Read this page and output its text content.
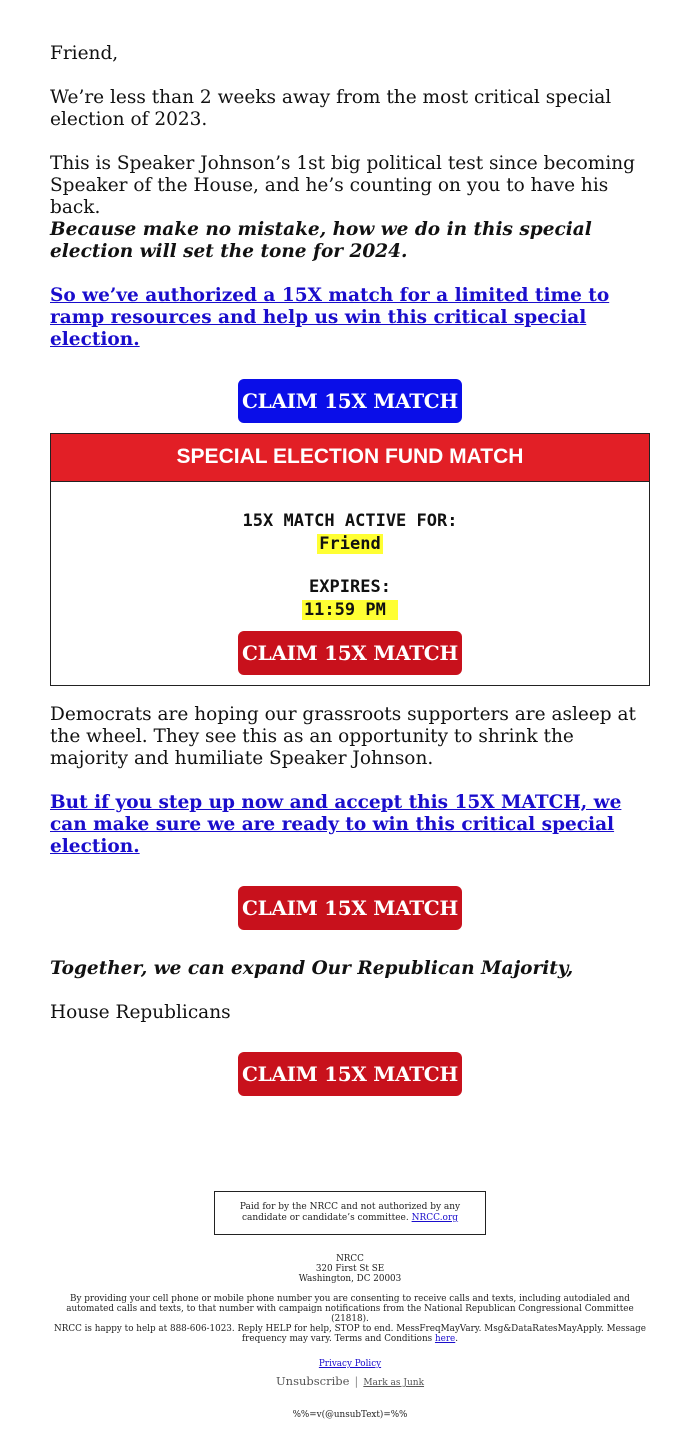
Friend,

We’re less than 2 weeks away from the most critical special election of 2023.

This is Speaker Johnson’s 1st big political test since becoming Speaker of the House, and he’s counting on you to have his back.

Because make no mistake, how we do in this special election will set the tone for 2024.

So we’ve authorized a 15X match for a limited time to ramp resources and help us win this critical special election.

CLAIM 15X MATCH
SPECIAL ELECTION FUND MATCH
15X MATCH ACTIVE FOR:
Friend
EXPIRES:
11:59 PM
CLAIM 15X MATCH

Democrats are hoping our grassroots supporters are asleep at the wheel. They see this as an opportunity to shrink the majority and humiliate Speaker Johnson.

But if you step up now and accept this 15X MATCH, we can make sure we are ready to win this critical special election.

CLAIM 15X MATCH

Together, we can expand Our Republican Majority,

House Republicans

CLAIM 15X MATCH
Paid for by the NRCC and not authorized by any candidate or candidate’s committee. NRCC.org
NRCC
320 First St SE
Washington, DC 20003
By providing your cell phone or mobile phone number you are consenting to receive calls and texts, including autodialed and automated calls and texts, to that number with campaign notifications from the National Republican Congressional Committee (21818).
NRCC is happy to help at 888-606-1023. Reply HELP for help, STOP to end. MessFreqMayVary. Msg&DataRatesMayApply. Message frequency may vary. Terms and Conditions here.
Privacy Policy
Unsubscribe | Mark as Junk
%%=v(@unsubText)=%%
